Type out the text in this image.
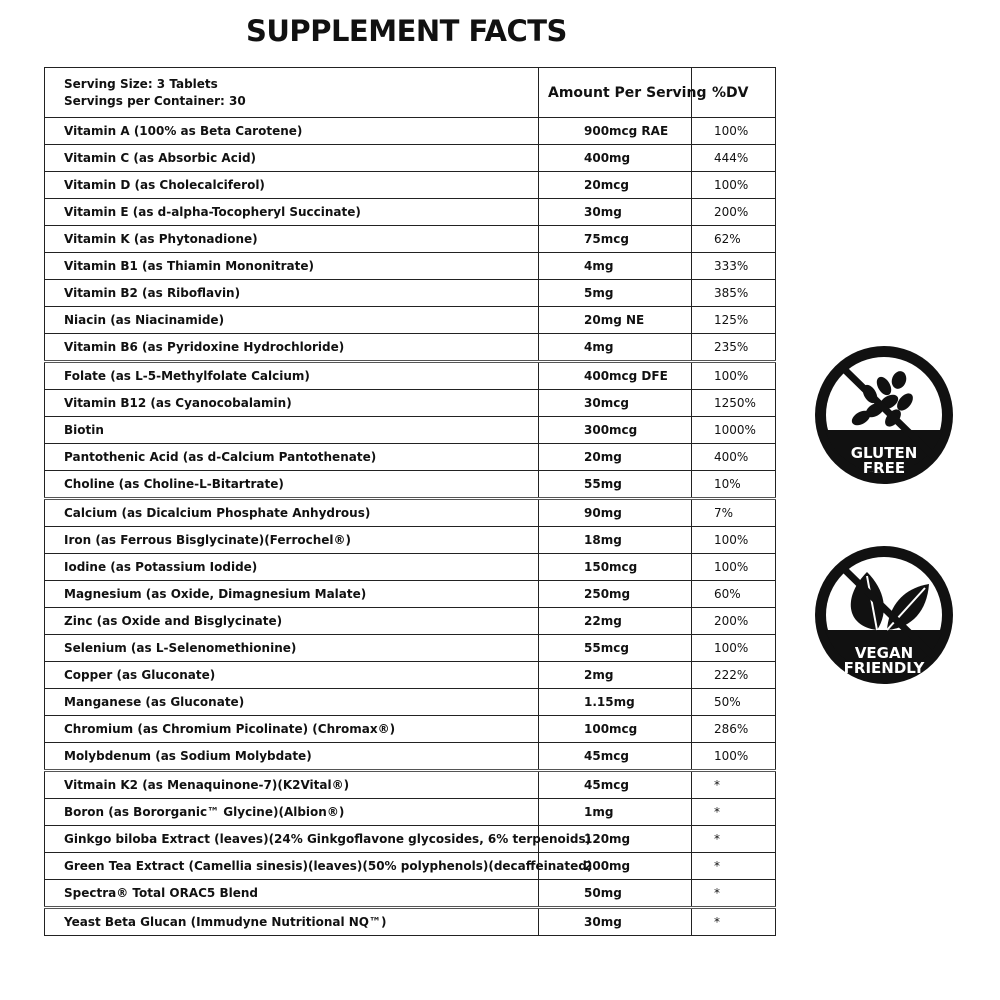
SUPPLEMENT FACTS
Serving Size: 3 Tablets
Servings per Container: 30	Amount Per Serving	%DV
Vitamin A (100% as Beta Carotene)	900mcg RAE	100%
Vitamin C (as Absorbic Acid)	400mg	444%
Vitamin D (as Cholecalciferol)	20mcg	100%
Vitamin E (as d-alpha-Tocopheryl Succinate)	30mg	200%
Vitamin K (as Phytonadione)	75mcg	62%
Vitamin B1 (as Thiamin Mononitrate)	4mg	333%
Vitamin B2 (as Riboflavin)	5mg	385%
Niacin (as Niacinamide)	20mg NE	125%
Vitamin B6 (as Pyridoxine Hydrochloride)	4mg	235%
Folate (as L-5-Methylfolate Calcium)	400mcg DFE	100%
Vitamin B12 (as Cyanocobalamin)	30mcg	1250%
Biotin	300mcg	1000%
Pantothenic Acid (as d-Calcium Pantothenate)	20mg	400%
Choline (as Choline-L-Bitartrate)	55mg	10%
Calcium (as Dicalcium Phosphate Anhydrous)	90mg	7%
Iron (as Ferrous Bisglycinate)(Ferrochel®)	18mg	100%
Iodine (as Potassium Iodide)	150mcg	100%
Magnesium (as Oxide, Dimagnesium Malate)	250mg	60%
Zinc (as Oxide and Bisglycinate)	22mg	200%
Selenium (as L-Selenomethionine)	55mcg	100%
Copper (as Gluconate)	2mg	222%
Manganese (as Gluconate)	1.15mg	50%
Chromium (as Chromium Picolinate) (Chromax®)	100mcg	286%
Molybdenum (as Sodium Molybdate)	45mcg	100%
Vitmain K2 (as Menaquinone-7)(K2Vital®)	45mcg	*
Boron (as Bororganic™ Glycine)(Albion®)	1mg	*
Ginkgo biloba Extract (leaves)(24% Ginkgoflavone glycosides, 6% terpenoids)	120mg	*
Green Tea Extract (Camellia sinesis)(leaves)(50% polyphenols)(decaffeinated)	200mg	*
Spectra® Total ORAC5 Blend	50mg	*
Yeast Beta Glucan (Immudyne Nutritional NQ™)	30mg	*
GLUTEN
FREE
VEGAN
FRIENDLY
